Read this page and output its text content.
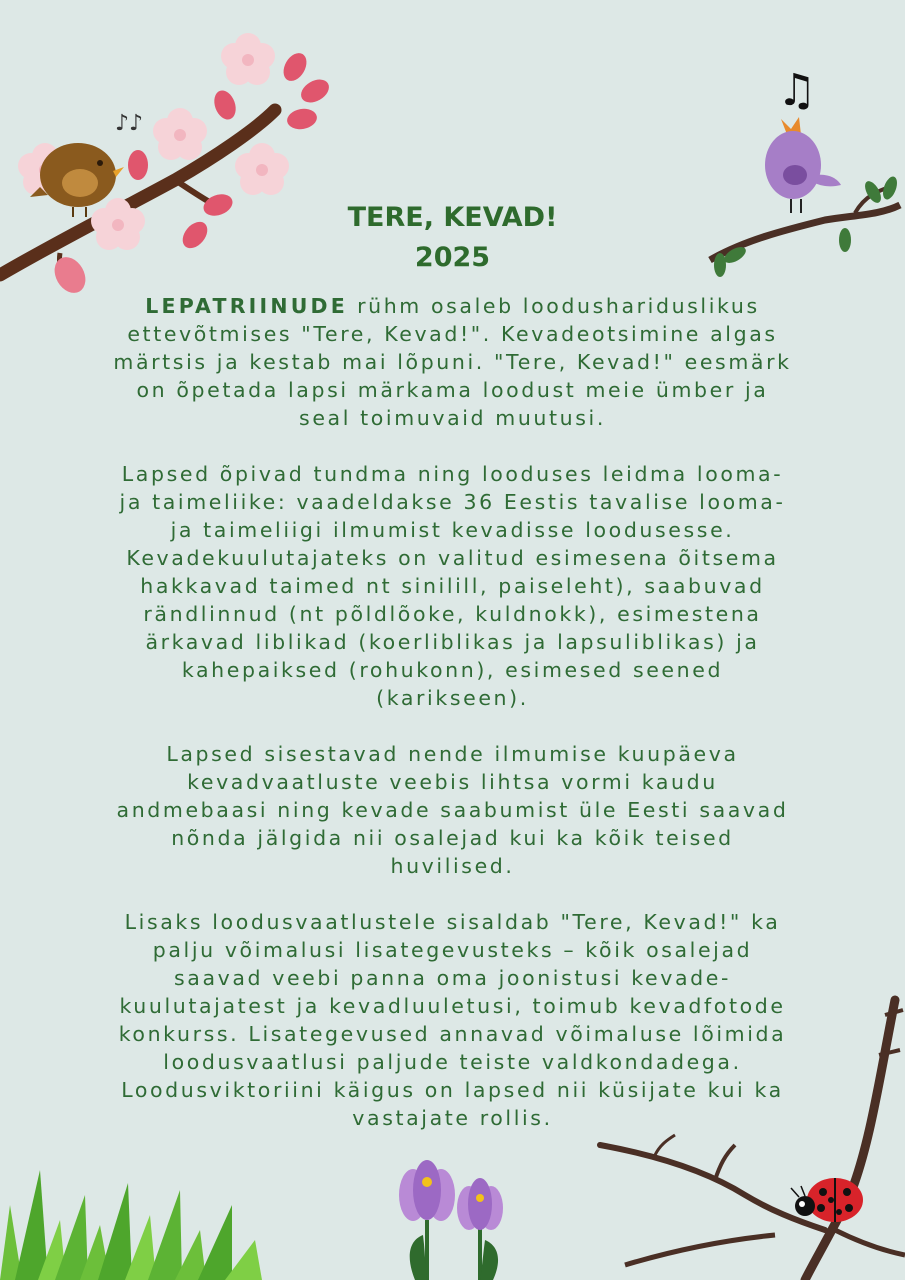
♪♪
♫
TERE, KEVAD!
2025
LEPATRIINUDE rühm osaleb loodushariduslikus
ettevõtmises "Tere, Kevad!". Kevadeotsimine algas
märtsis ja kestab mai lõpuni. "Tere, Kevad!" eesmärk
on õpetada lapsi märkama loodust meie ümber ja
seal toimuvaid muutusi.
Lapsed õpivad tundma ning looduses leidma looma-
ja taimeliike: vaadeldakse 36 Eestis tavalise looma-
ja taimeliigi ilmumist kevadisse loodusesse.
Kevadekuulutajateks on valitud esimesena õitsema
hakkavad taimed nt sinilill, paiseleht), saabuvad
rändlinnud (nt põldlõoke, kuldnokk), esimestena
ärkavad liblikad (koerliblikas ja lapsuliblikas) ja
kahepaiksed (rohukonn), esimesed seened
(karikseen).
Lapsed sisestavad nende ilmumise kuupäeva
kevadvaatluste veebis lihtsa vormi kaudu
andmebaasi ning kevade saabumist üle Eesti saavad
nõnda jälgida nii osalejad kui ka kõik teised
huvilised.
Lisaks loodusvaatlustele sisaldab "Tere, Kevad!" ka
palju võimalusi lisategevusteks – kõik osalejad
saavad veebi panna oma joonistusi kevade-
kuulutajatest ja kevadluuletusi, toimub kevadfotode
konkurss. Lisategevused annavad võimaluse lõimida
loodusvaatlusi paljude teiste valdkondadega.
Loodusviktoriini käigus on lapsed nii küsijate kui ka
vastajate rollis.
